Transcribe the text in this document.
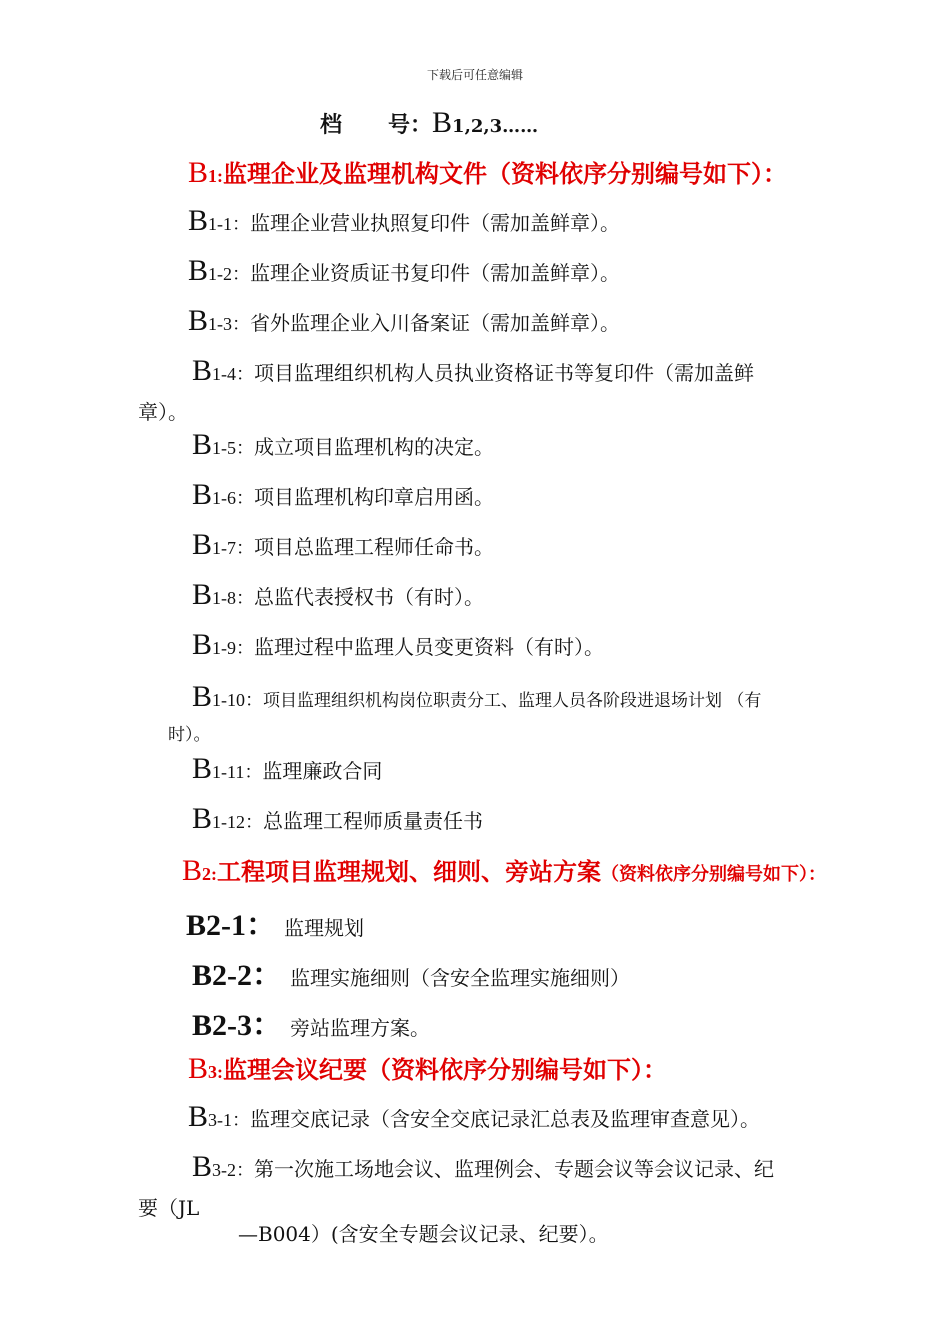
下载后可任意编辑
档 号：B1,2,3……
B1:监理企业及监理机构文件（资料依序分别编号如下）：
B1-1：监理企业营业执照复印件（需加盖鲜章）。
B1-2：监理企业资质证书复印件（需加盖鲜章）。
B1-3：省外监理企业入川备案证（需加盖鲜章）。
B1-4：项目监理组织机构人员执业资格证书等复印件（需加盖鲜
章）。
B1-5：成立项目监理机构的决定。
B1-6：项目监理机构印章启用函。
B1-7：项目总监理工程师任命书。
B1-8：总监代表授权书（有时）。
B1-9：监理过程中监理人员变更资料（有时）。
B1-10：项目监理组织机构岗位职责分工、监理人员各阶段进退场计划 （有
时）。
B1-11：监理廉政合同
B1-12：总监理工程师质量责任书
B2:工程项目监理规划、细则、旁站方案（资料依序分别编号如下）：
B2-1： 监理规划
B2-2： 监理实施细则（含安全监理实施细则）
B2-3： 旁站监理方案。
B3:监理会议纪要（资料依序分别编号如下）：
B3-1：监理交底记录（含安全交底记录汇总表及监理审查意见）。
B3-2：第一次施工场地会议、监理例会、专题会议等会议记录、纪
要（JL
—B004）(含安全专题会议记录、纪要）。
